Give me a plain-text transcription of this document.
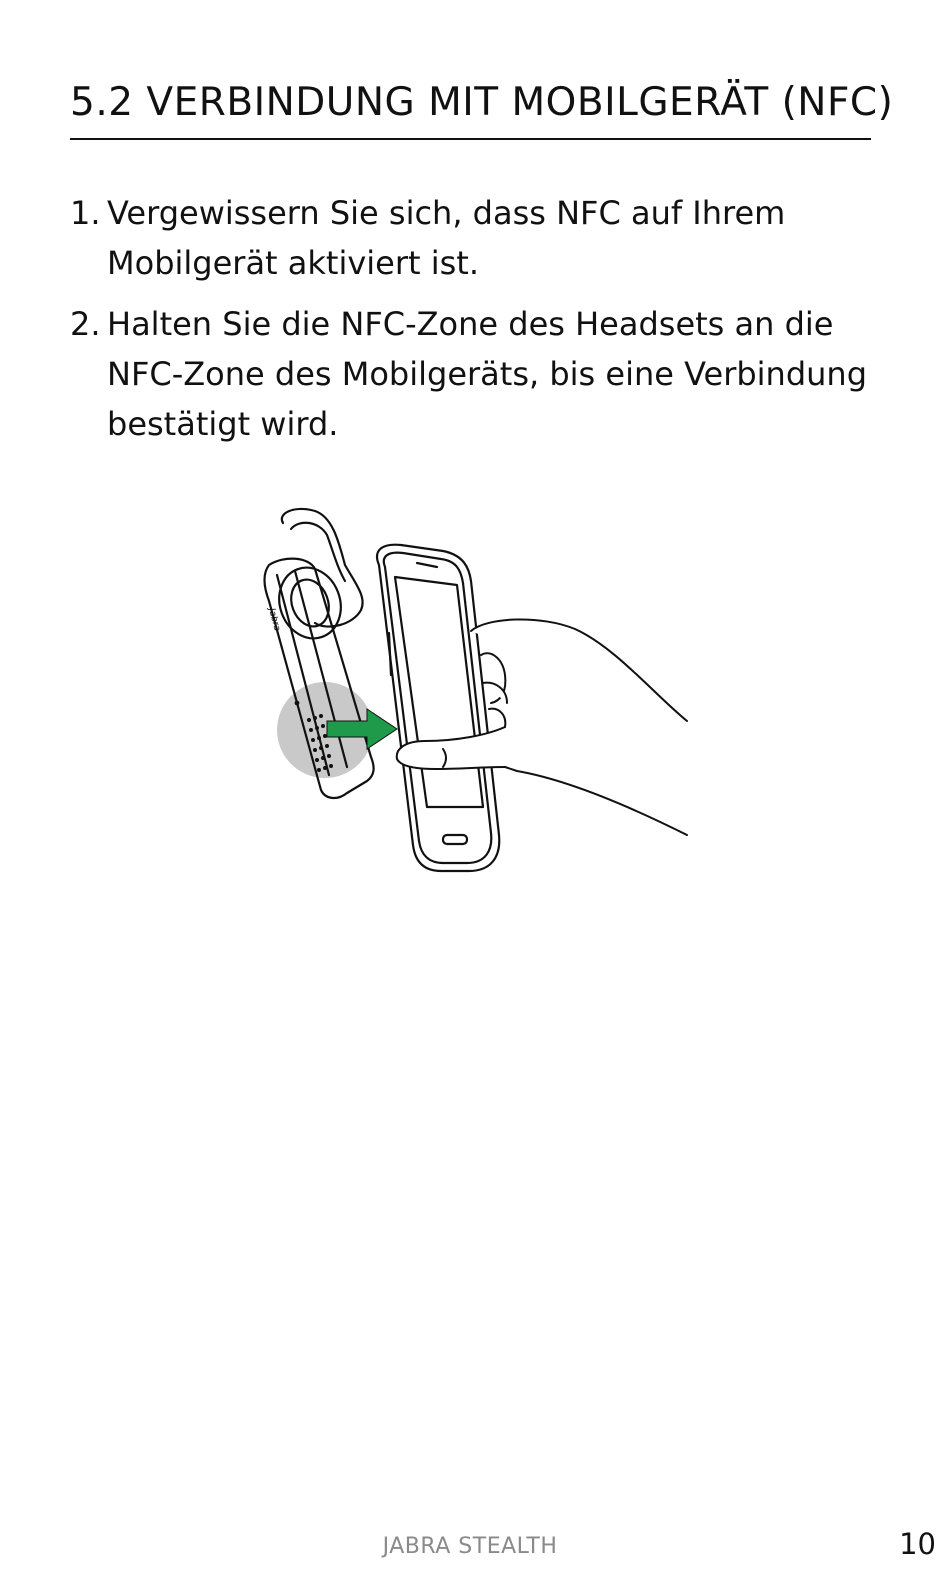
5.2 VERBINDUNG MIT MOBILGERÄT (NFC)
1. Vergewissern Sie sich, dass NFC auf Ihrem Mobilgerät aktiviert ist.
2. Halten Sie die NFC-Zone des Headsets an die NFC-Zone des Mobilgeräts, bis eine Verbindung bestätigt wird.
Jabra
JABRA STEALTH	10
